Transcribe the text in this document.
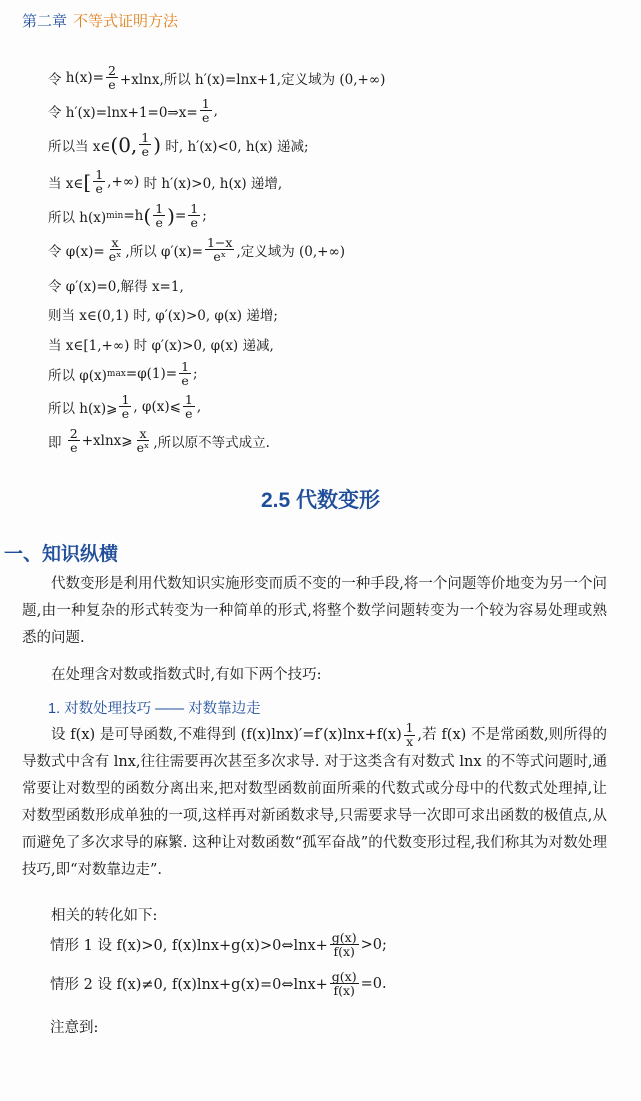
第二章 不等式证明方法
令
$h(x)= \frac{2}{e} +xlnx$,所以 h′(x)=lnx+1,定义域为 (0,+∞)
令 h′(x)=lnx+1=0⇒x= $\frac{1}{e}$ ,
所以当 x∈ (0, $\frac{1}{e}$ )
时, h′(x)<0, h(x) 递减;
当 x∈ [ $\frac{1}{e}$ ,+∞)
时 h′(x)>0, h(x) 递增,
所以 h(x) min =h ( $\frac{1}{e}$ ) = $\frac{1}{e}$ ;
令 $\varphi(x)= \frac{x}{\text{eˣ}}$ ,所以 $\varphi'(x)= \frac{1-x}{\text{eˣ}}$ ,定义域为 (0,+∞)
令 φ′(x)=0,解得 x=1,
则当 x∈(0,1) 时, φ′(x)>0, φ(x) 递增;
当 x∈[1,+∞) 时 φ′(x)>0, φ(x) 递减,
所以 φ(x) $\max =\varphi(1)= \frac{1}{e}$ ;
所以 h(x)⩾ $\frac{1}{e}$ , φ(x)⩽ $\frac{1}{e}$ ,
即
$\frac{2}{e}$ +xlnx⩾ $\frac{x}{\text{eˣ}}$ ,所以原不等式成立.
2.5 代数变形
一、知识纵横
代数变形是利用代数知识实施形变而质不变的一种手段,将一个问题等价地变为另一个问题,由一种复杂的形式转变为一种简单的形式,将整个数学问题转变为一个较为容易处理或熟悉的问题.
在处理含对数或指数式时,有如下两个技巧:
1. 对数处理技巧 —— 对数靠边走
设 f(x) 是可导函数,不难得到 $(f(x)\ln x)'=f'(x)\ln x+f(x) \frac{1}{x}$ ,若 f(x) 不是常函数,则所得的导数式中含有 lnx,往往需要再次甚至多次求导. 对于这类含有对数式 lnx 的不等式问题时,通常要让对数型的函数分离出来,把对数型函数前面所乘的代数式或分母中的代数式处理掉,让对数型函数形成单独的一项,这样再对新函数求导,只需要求导一次即可求出函数的极值点,从而避免了多次求导的麻繁. 这种让对数函数“孤军奋战”的代数变形过程,我们称其为对数处理技巧,即“对数靠边走”.
相关的转化如下:
情形 1 设 f(x)>0, f(x)lnx+g(x)>0⇔lnx+ $\frac{g(x)}{f(x)} >0$;
情形 2 设 f(x)≠0, f(x)lnx+g(x)=0⇔lnx+ $\frac{g(x)}{f(x)} =0$.
注意到:
